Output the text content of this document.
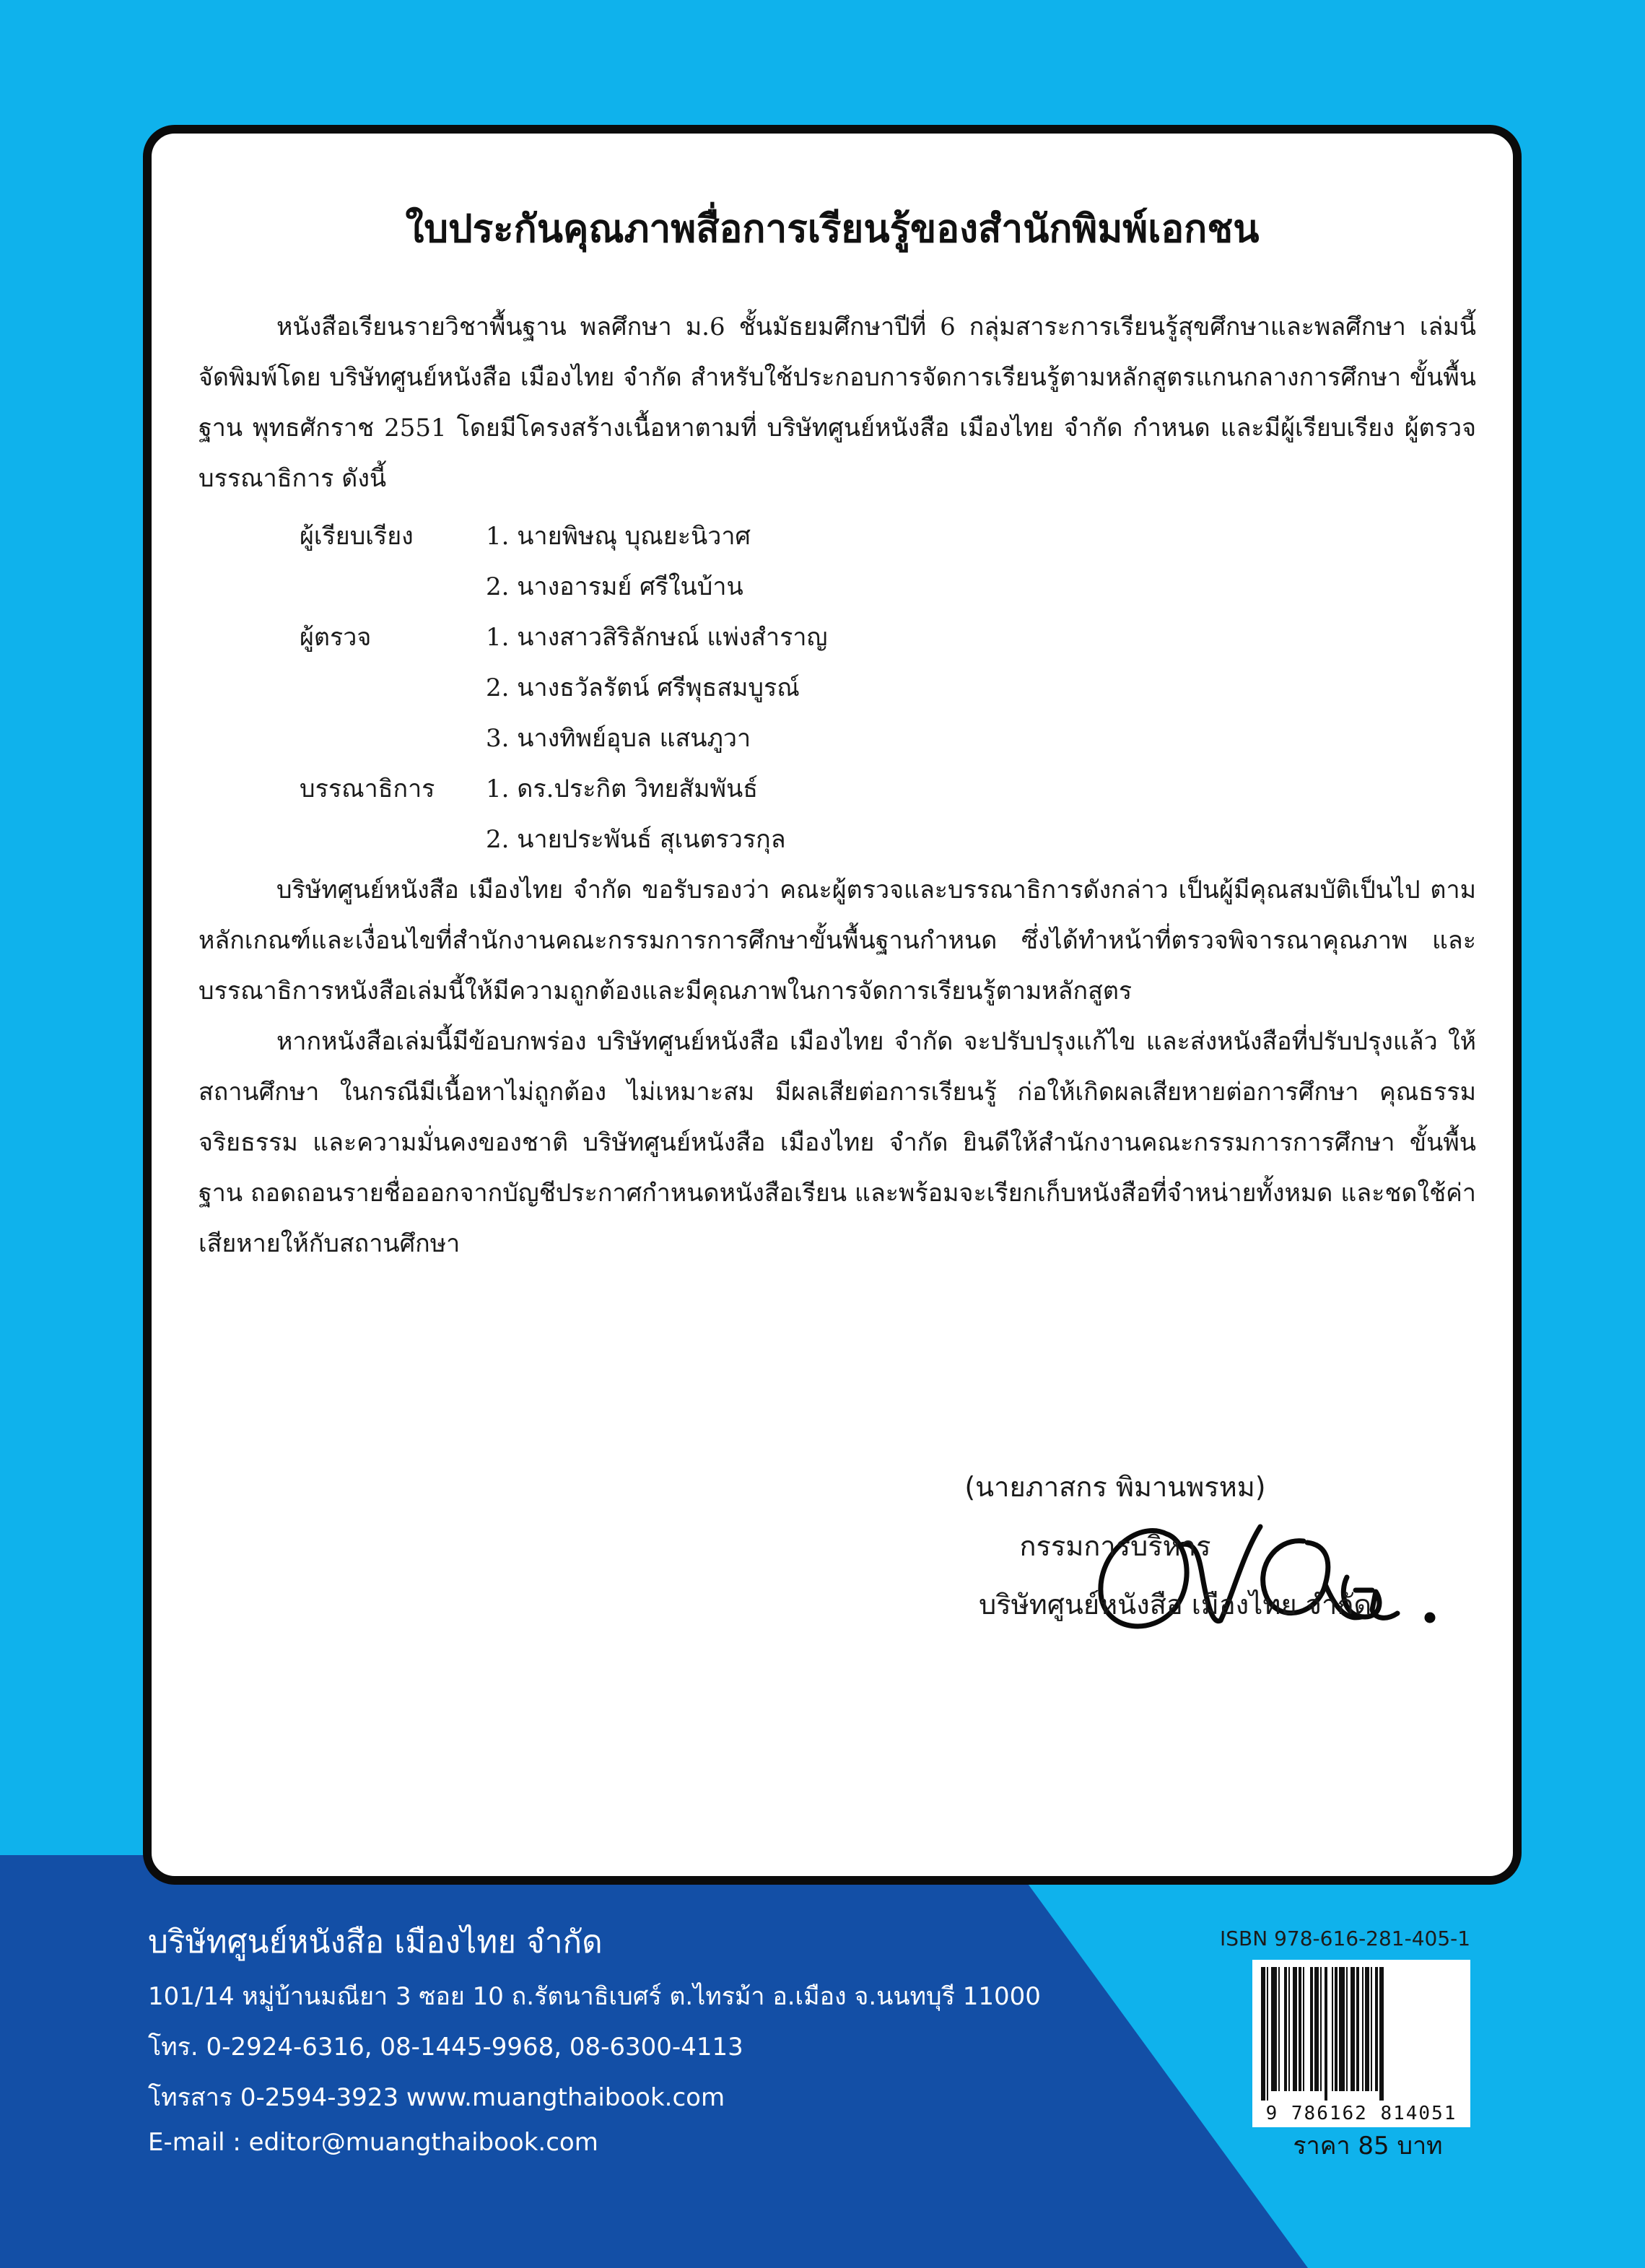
ใบประกันคุณภาพสื่อการเรียนรู้ของสำนักพิมพ์เอกชน

หนังสือเรียนรายวิชาพื้นฐาน พลศึกษา ม.6 ชั้นมัธยมศึกษาปีที่ 6 กลุ่มสาระการเรียนรู้สุขศึกษาและพลศึกษา เล่มนี้ จัดพิมพ์โดย บริษัทศูนย์หนังสือ เมืองไทย จำกัด สำหรับใช้ประกอบการจัดการเรียนรู้ตามหลักสูตรแกนกลางการศึกษา ขั้นพื้นฐาน พุทธศักราช 2551 โดยมีโครงสร้างเนื้อหาตามที่ บริษัทศูนย์หนังสือ เมืองไทย จำกัด กำหนด และมีผู้เรียบเรียง ผู้ตรวจ บรรณาธิการ ดังนี้

ผู้เรียบเรียง	1. นายพิษณุ บุณยะนิวาศ
2. นางอารมย์ ศรีในบ้าน
ผู้ตรวจ	1. นางสาวสิริลักษณ์ แพ่งสำราญ
2. นางธวัลรัตน์ ศรีพุธสมบูรณ์
3. นางทิพย์อุบล แสนภูวา
บรรณาธิการ 1. ดร.ประกิต วิทยสัมพันธ์
2. นายประพันธ์ สุเนตรวรกุล

บริษัทศูนย์หนังสือ เมืองไทย จำกัด ขอรับรองว่า คณะผู้ตรวจและบรรณาธิการดังกล่าว เป็นผู้มีคุณสมบัติเป็นไป ตามหลักเกณฑ์และเงื่อนไขที่สำนักงานคณะกรรมการการศึกษาขั้นพื้นฐานกำหนด ซึ่งได้ทำหน้าที่ตรวจพิจารณาคุณภาพ และบรรณาธิการหนังสือเล่มนี้ให้มีความถูกต้องและมีคุณภาพในการจัดการเรียนรู้ตามหลักสูตร

หากหนังสือเล่มนี้มีข้อบกพร่อง บริษัทศูนย์หนังสือ เมืองไทย จำกัด จะปรับปรุงแก้ไข และส่งหนังสือที่ปรับปรุงแล้ว ให้สถานศึกษา ในกรณีมีเนื้อหาไม่ถูกต้อง ไม่เหมาะสม มีผลเสียต่อการเรียนรู้ ก่อให้เกิดผลเสียหายต่อการศึกษา คุณธรรม จริยธรรม และความมั่นคงของชาติ บริษัทศูนย์หนังสือ เมืองไทย จำกัด ยินดีให้สำนักงานคณะกรรมการการศึกษา ขั้นพื้นฐาน ถอดถอนรายชื่อออกจากบัญชีประกาศกำหนดหนังสือเรียน และพร้อมจะเรียกเก็บหนังสือที่จำหน่ายทั้งหมด และชดใช้ค่าเสียหายให้กับสถานศึกษา

(นายภาสกร พิมานพรหม)
กรรมการบริหาร
บริษัทศูนย์หนังสือ เมืองไทย จำกัด
บริษัทศูนย์หนังสือ เมืองไทย จำกัด
101/14 หมู่บ้านมณียา 3 ซอย 10 ถ.รัตนาธิเบศร์ ต.ไทรม้า อ.เมือง จ.นนทบุรี 11000
โทร. 0-2924-6316, 08-1445-9968, 08-6300-4113
โทรสาร 0-2594-3923 www.muangthaibook.com
E-mail : editor@muangthaibook.com
ISBN 978-616-281-405-1
9 786162 814051
ราคา 85 บาท
